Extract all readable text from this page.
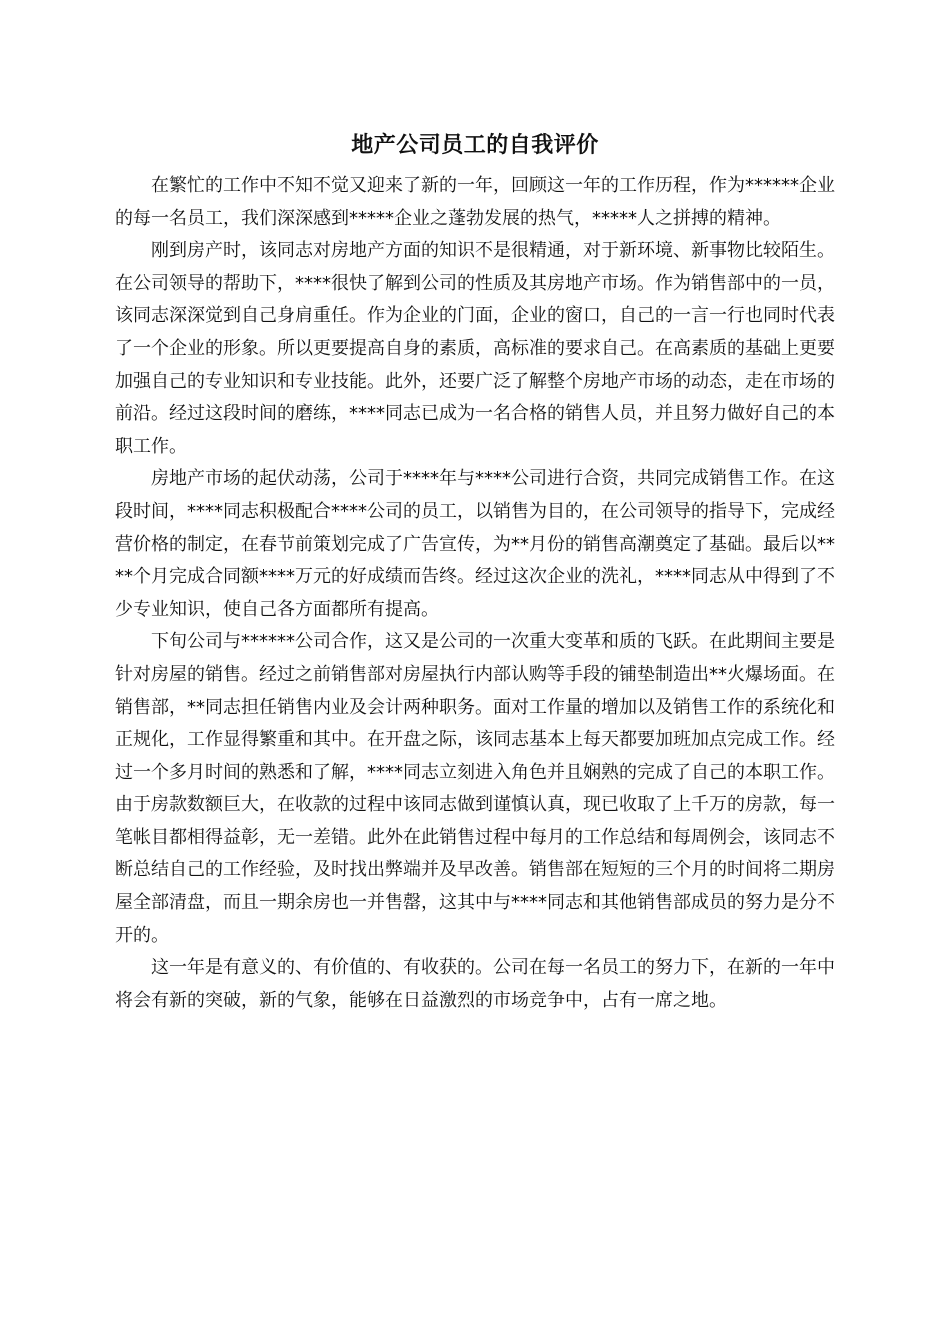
地产公司员工的自我评价

在繁忙的工作中不知不觉又迎来了新的一年，回顾这一年的工作历程，作为******企业的每一名员工，我们深深感到*****企业之蓬勃发展的热气，*****人之拼搏的精神。

刚到房产时，该同志对房地产方面的知识不是很精通，对于新环境、新事物比较陌生。在公司领导的帮助下，****很快了解到公司的性质及其房地产市场。作为销售部中的一员，该同志深深觉到自己身肩重任。作为企业的门面，企业的窗口，自己的一言一行也同时代表了一个企业的形象。所以更要提高自身的素质，高标准的要求自己。在高素质的基础上更要加强自己的专业知识和专业技能。此外，还要广泛了解整个房地产市场的动态，走在市场的前沿。经过这段时间的磨练，****同志已成为一名合格的销售人员，并且努力做好自己的本职工作。

房地产市场的起伏动荡，公司于****年与****公司进行合资，共同完成销售工作。在这段时间，****同志积极配合****公司的员工，以销售为目的，在公司领导的指导下，完成经营价格的制定，在春节前策划完成了广告宣传，为**月份的销售高潮奠定了基础。最后以****个月完成合同额****万元的好成绩而告终。经过这次企业的洗礼，****同志从中得到了不少专业知识，使自己各方面都所有提高。

下旬公司与******公司合作，这又是公司的一次重大变革和质的飞跃。在此期间主要是针对房屋的销售。经过之前销售部对房屋执行内部认购等手段的铺垫制造出**火爆场面。在销售部，**同志担任销售内业及会计两种职务。面对工作量的增加以及销售工作的系统化和正规化，工作显得繁重和其中。在开盘之际，该同志基本上每天都要加班加点完成工作。经过一个多月时间的熟悉和了解，****同志立刻进入角色并且娴熟的完成了自己的本职工作。由于房款数额巨大，在收款的过程中该同志做到谨慎认真，现已收取了上千万的房款，每一笔帐目都相得益彰，无一差错。此外在此销售过程中每月的工作总结和每周例会，该同志不断总结自己的工作经验，及时找出弊端并及早改善。销售部在短短的三个月的时间将二期房屋全部清盘，而且一期余房也一并售罄，这其中与****同志和其他销售部成员的努力是分不开的。

这一年是有意义的、有价值的、有收获的。公司在每一名员工的努力下，在新的一年中将会有新的突破，新的气象，能够在日益激烈的市场竞争中，占有一席之地。
